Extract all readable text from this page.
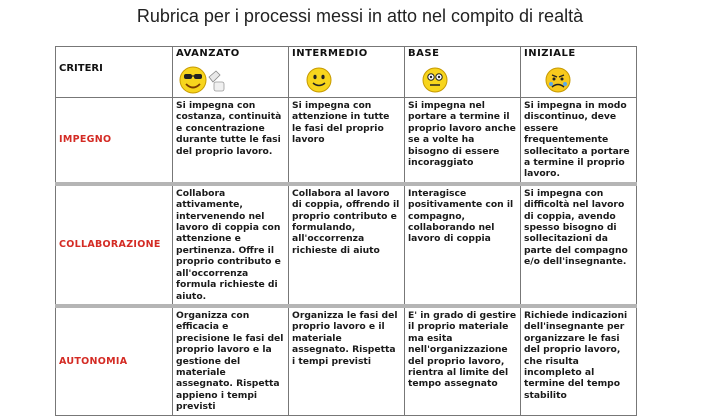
Rubrica per i processi messi in atto nel compito di realtà
CRITERI	AVANZATO	INTERMEDIO	BASE	INIZIALE

IMPEGNO	Si impegna con costanza, continuità e concentrazione durante tutte le fasi del proprio lavoro.	Si impegna con attenzione in tutte le fasi del proprio lavoro	Si impegna nel portare a termine il proprio lavoro anche se a volte ha bisogno di essere incoraggiato	Si impegna in modo discontinuo, deve essere frequentemente sollecitato a portare a termine il proprio lavoro.
COLLABORAZIONE	Collabora attivamente, intervenendo nel lavoro di coppia con attenzione e pertinenza. Offre il proprio contributo e all'occorrenza formula richieste di aiuto.	Collabora al lavoro di coppia, offrendo il proprio contributo e formulando, all'occorrenza richieste di aiuto	Interagisce positivamente con il compagno, collaborando nel lavoro di coppia	Si impegna con difficoltà nel lavoro di coppia, avendo spesso bisogno di sollecitazioni da parte del compagno e/o dell'insegnante.
AUTONOMIA	Organizza con efficacia e precisione le fasi del proprio lavoro e la gestione del materiale assegnato. Rispetta appieno i tempi previsti	Organizza le fasi del proprio lavoro e il materiale assegnato. Rispetta i tempi previsti	E' in grado di gestire il proprio materiale ma esita nell'organizzazione del proprio lavoro, rientra al limite del tempo assegnato	Richiede indicazioni dell'insegnante per organizzare le fasi del proprio lavoro, che risulta incompleto al termine del tempo stabilito
